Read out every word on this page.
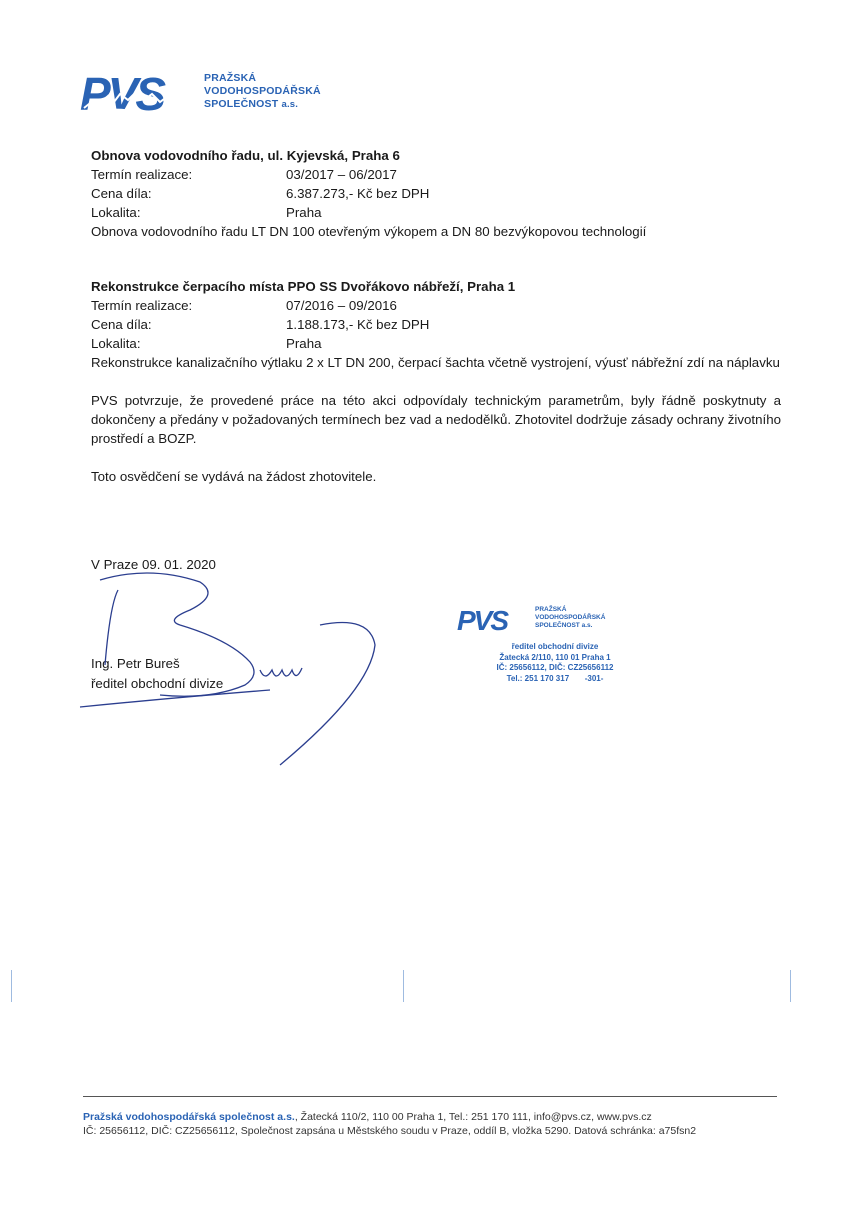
PVS	PRAŽSKÁ
VODOHOSPODÁŘSKÁ
SPOLEČNOST a.s.
Obnova vodovodního řadu, ul. Kyjevská, Praha 6
Termín realizace:	03/2017 – 06/2017
Cena díla:	6.387.273,- Kč bez DPH
Lokalita:	Praha
Obnova vodovodního řadu LT DN 100 otevřeným výkopem a DN 80 bezvýkopovou technologií
Rekonstrukce čerpacího místa PPO SS Dvořákovo nábřeží, Praha 1
Termín realizace:	07/2016 – 09/2016
Cena díla:	1.188.173,- Kč bez DPH
Lokalita:	Praha
Rekonstrukce kanalizačního výtlaku 2 x LT DN 200, čerpací šachta včetně vystrojení, výusť nábřežní zdí na náplavku
PVS potvrzuje, že provedené práce na této akci odpovídaly technickým parametrům, byly řádně poskytnuty a dokončeny a předány v požadovaných termínech bez vad a nedodělků. Zhotovitel dodržuje zásady ochrany životního prostředí a BOZP.
Toto osvědčení se vydává na žádost zhotovitele.
V Praze 09. 01. 2020
Ing. Petr Bureš
ředitel obchodní divize
PVS	PRAŽSKÁ
VODOHOSPODÁŘSKÁ
SPOLEČNOST a.s.
ředitel obchodní divize
Žatecká 2/110, 110 01 Praha 1
IČ: 25656112, DIČ: CZ25656112
Tel.: 251 170 317 -301-
Pražská vodohospodářská společnost a.s., Žatecká 110/2, 110 00 Praha 1, Tel.: 251 170 111, info@pvs.cz, www.pvs.cz
IČ: 25656112, DIČ: CZ25656112, Společnost zapsána u Městského soudu v Praze, oddíl B, vložka 5290. Datová schránka: a75fsn2
